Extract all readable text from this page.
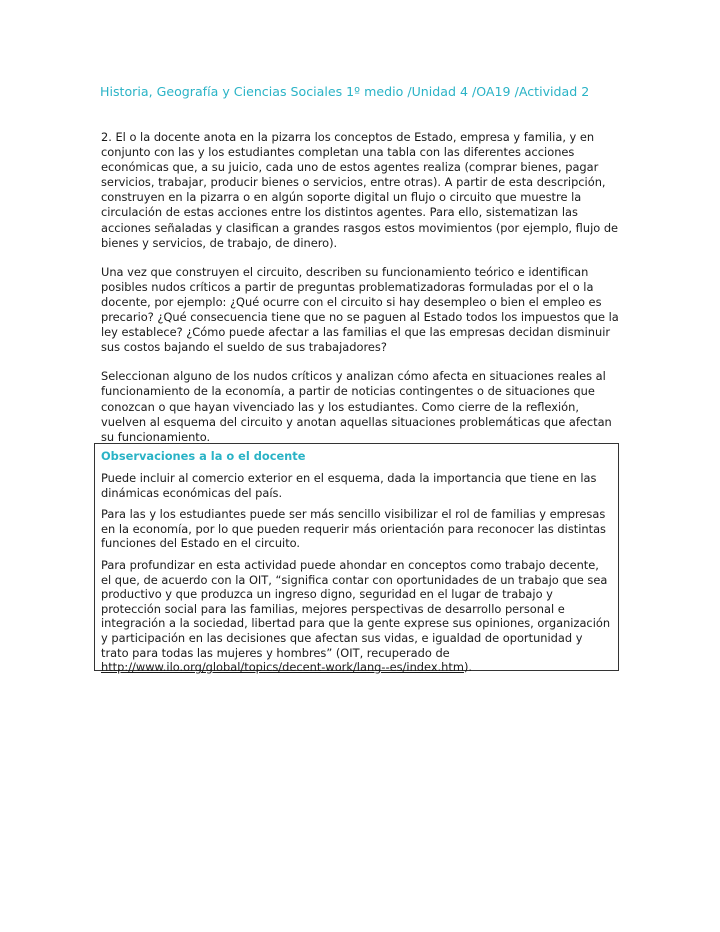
Historia, Geografía y Ciencias Sociales 1º medio /Unidad 4 /OA19 /Actividad 2

2. El o la docente anota en la pizarra los conceptos de Estado, empresa y familia, y en conjunto con las y los estudiantes completan una tabla con las diferentes acciones económicas que, a su juicio, cada uno de estos agentes realiza (comprar bienes, pagar servicios, trabajar, producir bienes o servicios, entre otras). A partir de esta descripción, construyen en la pizarra o en algún soporte digital un flujo o circuito que muestre la circulación de estas acciones entre los distintos agentes. Para ello, sistematizan las acciones señaladas y clasifican a grandes rasgos estos movimientos (por ejemplo, flujo de bienes y servicios, de trabajo, de dinero).

Una vez que construyen el circuito, describen su funcionamiento teórico e identifican posibles nudos críticos a partir de preguntas problematizadoras formuladas por el o la docente, por ejemplo: ¿Qué ocurre con el circuito si hay desempleo o bien el empleo es precario? ¿Qué consecuencia tiene que no se paguen al Estado todos los impuestos que la ley establece? ¿Cómo puede afectar a las familias el que las empresas decidan disminuir sus costos bajando el sueldo de sus trabajadores?

Seleccionan alguno de los nudos críticos y analizan cómo afecta en situaciones reales al funcionamiento de la economía, a partir de noticias contingentes o de situaciones que conozcan o que hayan vivenciado las y los estudiantes. Como cierre de la reflexión, vuelven al esquema del circuito y anotan aquellas situaciones problemáticas que afectan su funcionamiento.

Observaciones a la o el docente

Puede incluir al comercio exterior en el esquema, dada la importancia que tiene en las dinámicas económicas del país.

Para las y los estudiantes puede ser más sencillo visibilizar el rol de familias y empresas en la economía, por lo que pueden requerir más orientación para reconocer las distintas funciones del Estado en el circuito.

Para profundizar en esta actividad puede ahondar en conceptos como trabajo decente, el que, de acuerdo con la OIT, “significa contar con oportunidades de un trabajo que sea productivo y que produzca un ingreso digno, seguridad en el lugar de trabajo y protección social para las familias, mejores perspectivas de desarrollo personal e integración a la sociedad, libertad para que la gente exprese sus opiniones, organización y participación en las decisiones que afectan sus vidas, e igualdad de oportunidad y trato para todas las mujeres y hombres” (OIT, recuperado de http://www.ilo.org/global/topics/decent-work/lang--es/index.htm).
